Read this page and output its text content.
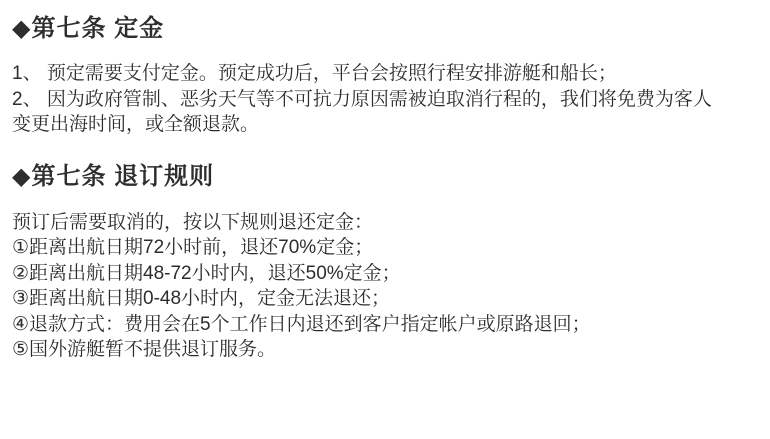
◆第七条 定金
1、 预定需要支付定金。预定成功后，平台会按照行程安排游艇和船长；
2、 因为政府管制、恶劣天气等不可抗力原因需被迫取消行程的，我们将免费为客人
变更出海时间，或全额退款。
◆第七条 退订规则
预订后需要取消的，按以下规则退还定金：
①距离出航日期72小时前，退还70%定金；
②距离出航日期48-72小时内，退还50%定金；
③距离出航日期0-48小时内，定金无法退还；
④退款方式：费用会在5个工作日内退还到客户指定帐户或原路退回；
⑤国外游艇暂不提供退订服务。
